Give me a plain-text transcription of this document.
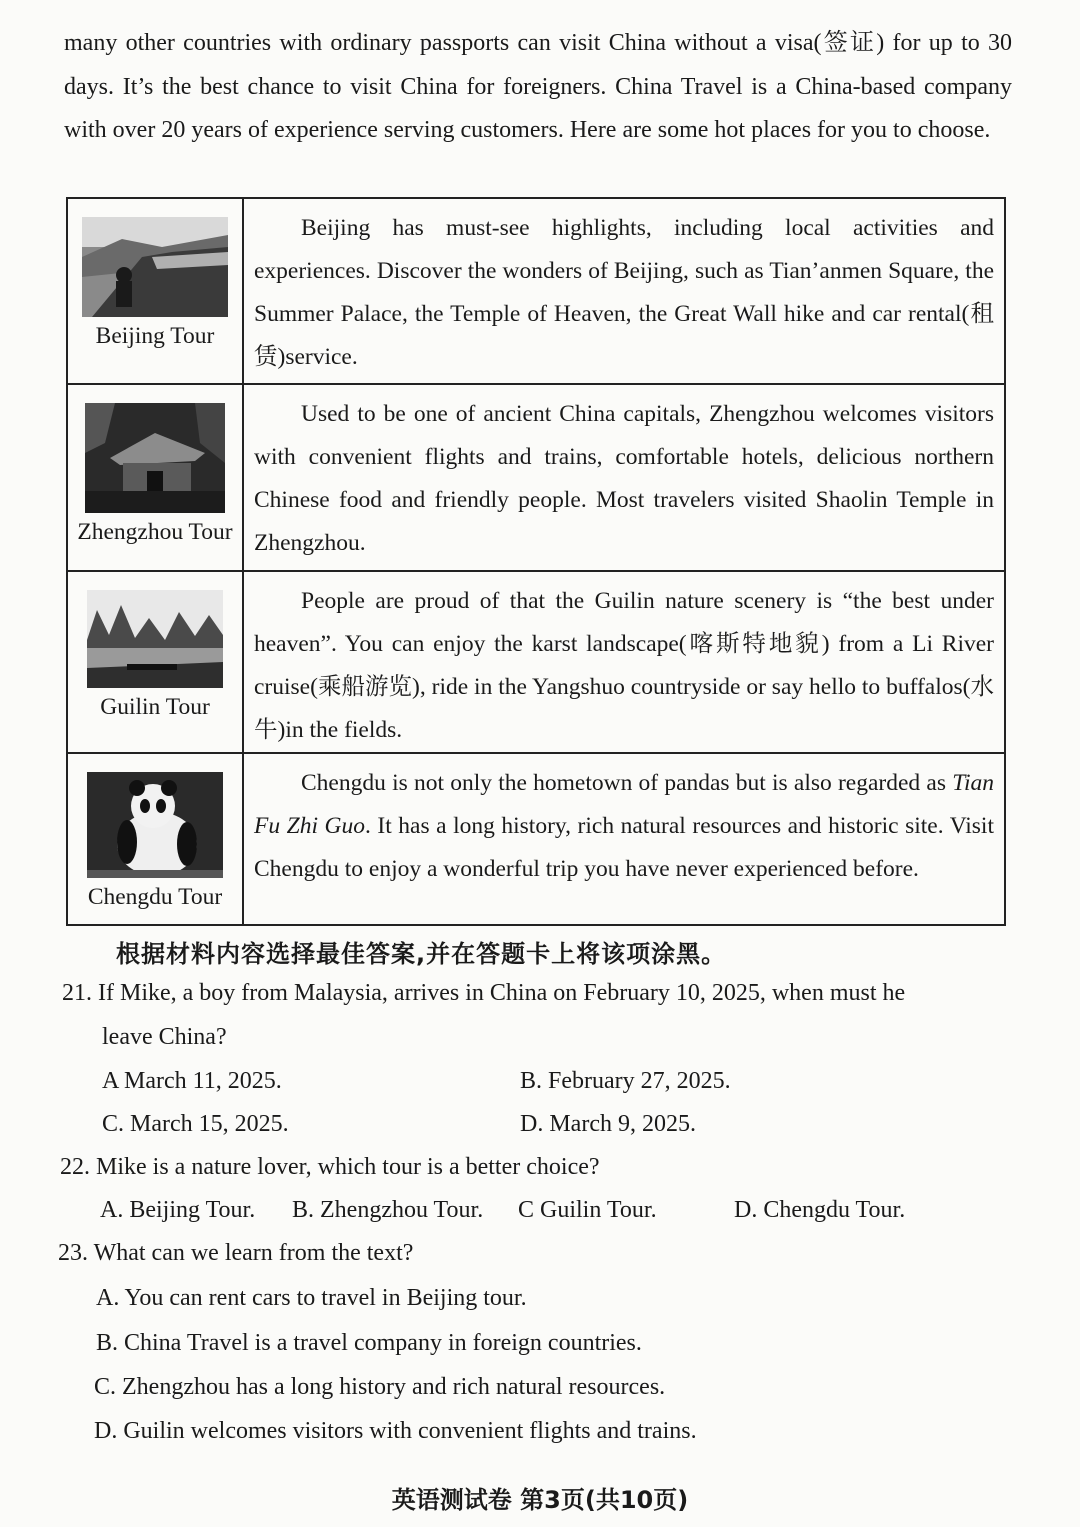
many other countries with ordinary passports can visit China without a visa(签证) for up to 30 days. It’s the best chance to visit China for foreigners. China Travel is a China-based company with over 20 years of experience serving customers. Here are some hot places for you to choose.

Beijing Tour	Beijing has must-see highlights, including local activities and experiences. Discover the wonders of Beijing, such as Tian’anmen Square, the Summer Palace, the Temple of Heaven, the Great Wall hike and car rental(租赁)service.

Zhengzhou Tour	Used to be one of ancient China capitals, Zhengzhou welcomes visitors with convenient flights and trains, comfortable hotels, delicious northern Chinese food and friendly people. Most travelers visited Shaolin Temple in Zhengzhou.

Guilin Tour	People are proud of that the Guilin nature scenery is “the best under heaven”. You can enjoy the karst landscape(喀斯特地貌) from a Li River cruise(乘船游览), ride in the Yangshuo countryside or say hello to buffalos(水牛)in the fields.

Chengdu Tour	Chengdu is not only the hometown of pandas but is also regarded as Tian Fu Zhi Guo. It has a long history, rich natural resources and historic site. Visit Chengdu to enjoy a wonderful trip you have never experienced before.

根据材料内容选择最佳答案,并在答题卡上将该项涂黑。
21. If Mike, a boy from Malaysia, arrives in China on February 10, 2025, when must he
leave China?
A March 11, 2025.	B. February 27, 2025.
C. March 15, 2025.	D. March 9, 2025.
22. Mike is a nature lover, which tour is a better choice?
A. Beijing Tour. B. Zhengzhou Tour. C Guilin Tour.	D. Chengdu Tour.
23. What can we learn from the text?
A. You can rent cars to travel in Beijing tour.
B. China Travel is a travel company in foreign countries.
C. Zhengzhou has a long history and rich natural resources.
D. Guilin welcomes visitors with convenient flights and trains.
英语测试卷 第3页(共10页)
